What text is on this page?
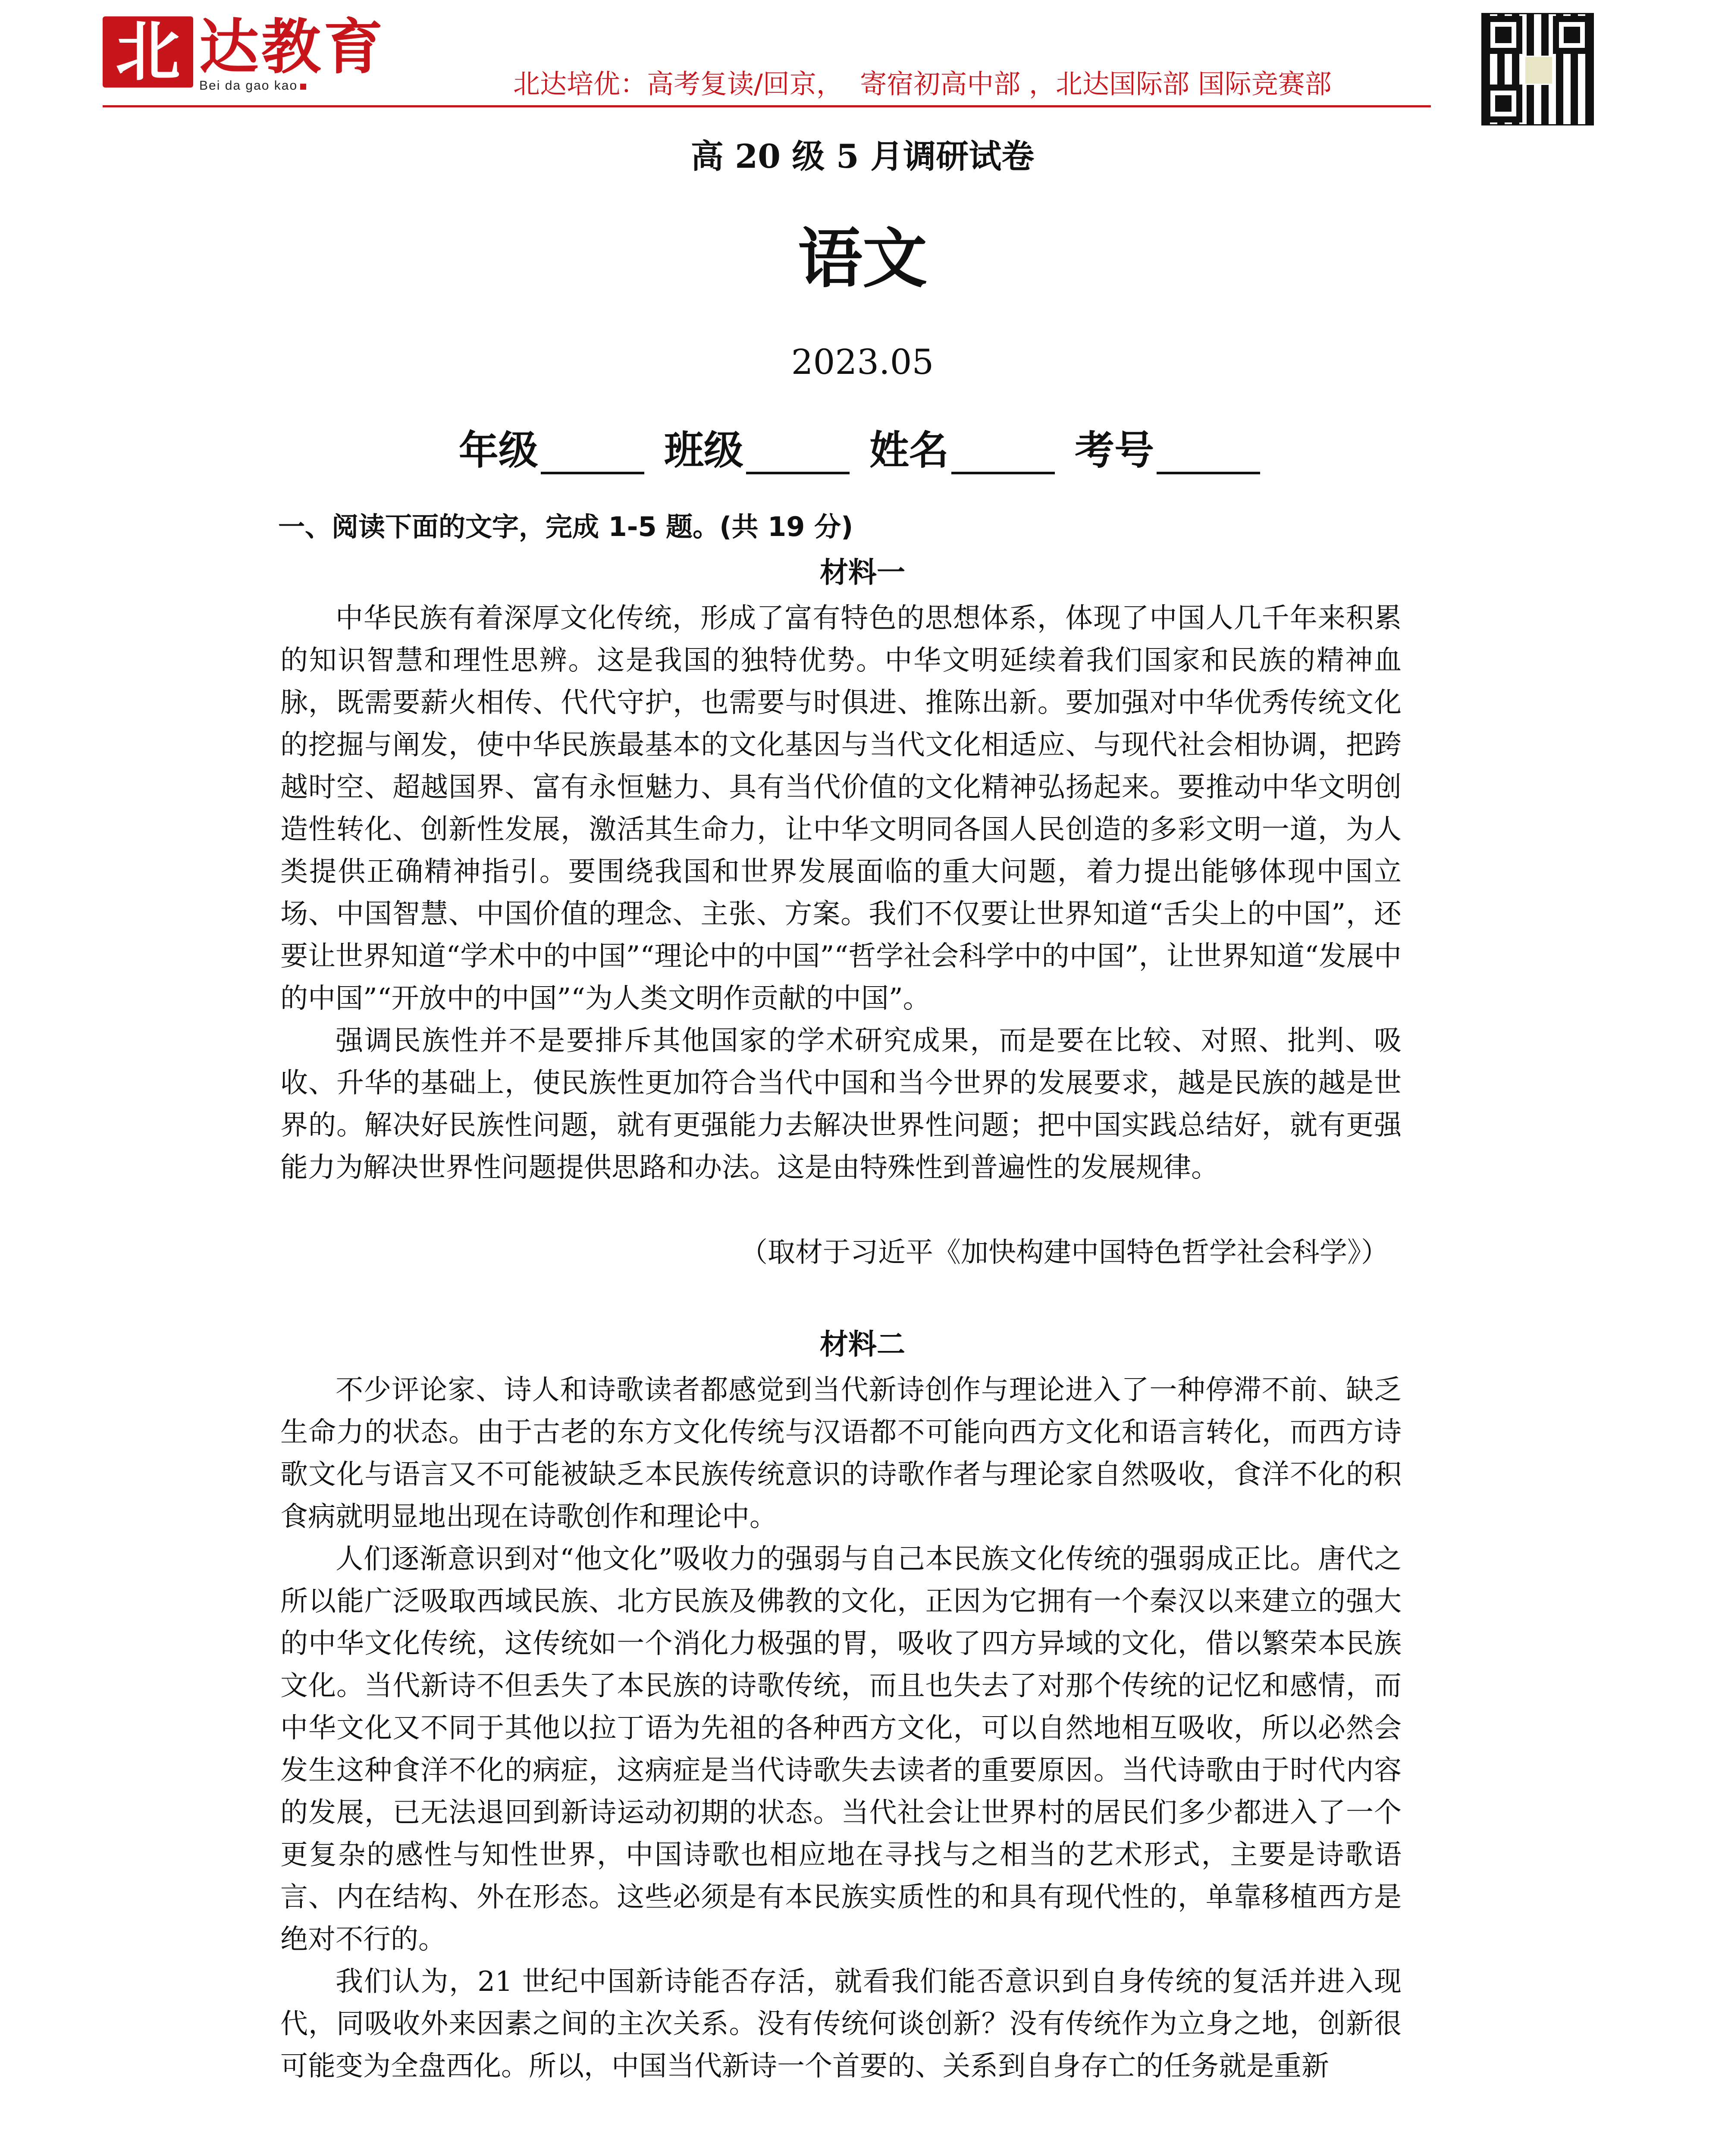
北 达教育
Bei da gao kao	北达培优：高考复读/回京，  寄宿初高中部 ，北达国际部 国际竞赛部
高 20 级 5 月调研试卷
语文
2023.05
年级	班级	姓名	考号
一、阅读下面的文字，完成 1-5 题。(共 19 分)
材料一

中华民族有着深厚文化传统，形成了富有特色的思想体系，体现了中国人几千年来积累的知识智慧和理性思辨。这是我国的独特优势。中华文明延续着我们国家和民族的精神血脉，既需要薪火相传、代代守护，也需要与时俱进、推陈出新。要加强对中华优秀传统文化的挖掘与阐发，使中华民族最基本的文化基因与当代文化相适应、与现代社会相协调，把跨越时空、超越国界、富有永恒魅力、具有当代价值的文化精神弘扬起来。要推动中华文明创造性转化、创新性发展，激活其生命力，让中华文明同各国人民创造的多彩文明一道，为人类提供正确精神指引。要围绕我国和世界发展面临的重大问题，着力提出能够体现中国立场、中国智慧、中国价值的理念、主张、方案。我们不仅要让世界知道“舌尖上的中国”，还要让世界知道“学术中的中国”“理论中的中国”“哲学社会科学中的中国”，让世界知道“发展中的中国”“开放中的中国”“为人类文明作贡献的中国”。

强调民族性并不是要排斥其他国家的学术研究成果，而是要在比较、对照、批判、吸收、升华的基础上，使民族性更加符合当代中国和当今世界的发展要求，越是民族的越是世界的。解决好民族性问题，就有更强能力去解决世界性问题；把中国实践总结好，就有更强能力为解决世界性问题提供思路和办法。这是由特殊性到普遍性的发展规律。

（取材于习近平《加快构建中国特色哲学社会科学》）
材料二

不少评论家、诗人和诗歌读者都感觉到当代新诗创作与理论进入了一种停滞不前、缺乏生命力的状态。由于古老的东方文化传统与汉语都不可能向西方文化和语言转化，而西方诗歌文化与语言又不可能被缺乏本民族传统意识的诗歌作者与理论家自然吸收，食洋不化的积食病就明显地出现在诗歌创作和理论中。

人们逐渐意识到对“他文化”吸收力的强弱与自己本民族文化传统的强弱成正比。唐代之所以能广泛吸取西域民族、北方民族及佛教的文化，正因为它拥有一个秦汉以来建立的强大的中华文化传统，这传统如一个消化力极强的胃，吸收了四方异域的文化，借以繁荣本民族文化。当代新诗不但丢失了本民族的诗歌传统，而且也失去了对那个传统的记忆和感情，而中华文化又不同于其他以拉丁语为先祖的各种西方文化，可以自然地相互吸收，所以必然会发生这种食洋不化的病症，这病症是当代诗歌失去读者的重要原因。当代诗歌由于时代内容的发展，已无法退回到新诗运动初期的状态。当代社会让世界村的居民们多少都进入了一个更复杂的感性与知性世界，中国诗歌也相应地在寻找与之相当的艺术形式，主要是诗歌语言、内在结构、外在形态。这些必须是有本民族实质性的和具有现代性的，单靠移植西方是绝对不行的。

我们认为，21 世纪中国新诗能否存活，就看我们能否意识到自身传统的复活并进入现代，同吸收外来因素之间的主次关系。没有传统何谈创新？没有传统作为立身之地，创新很可能变为全盘西化。所以，中国当代新诗一个首要的、关系到自身存亡的任务就是重新
